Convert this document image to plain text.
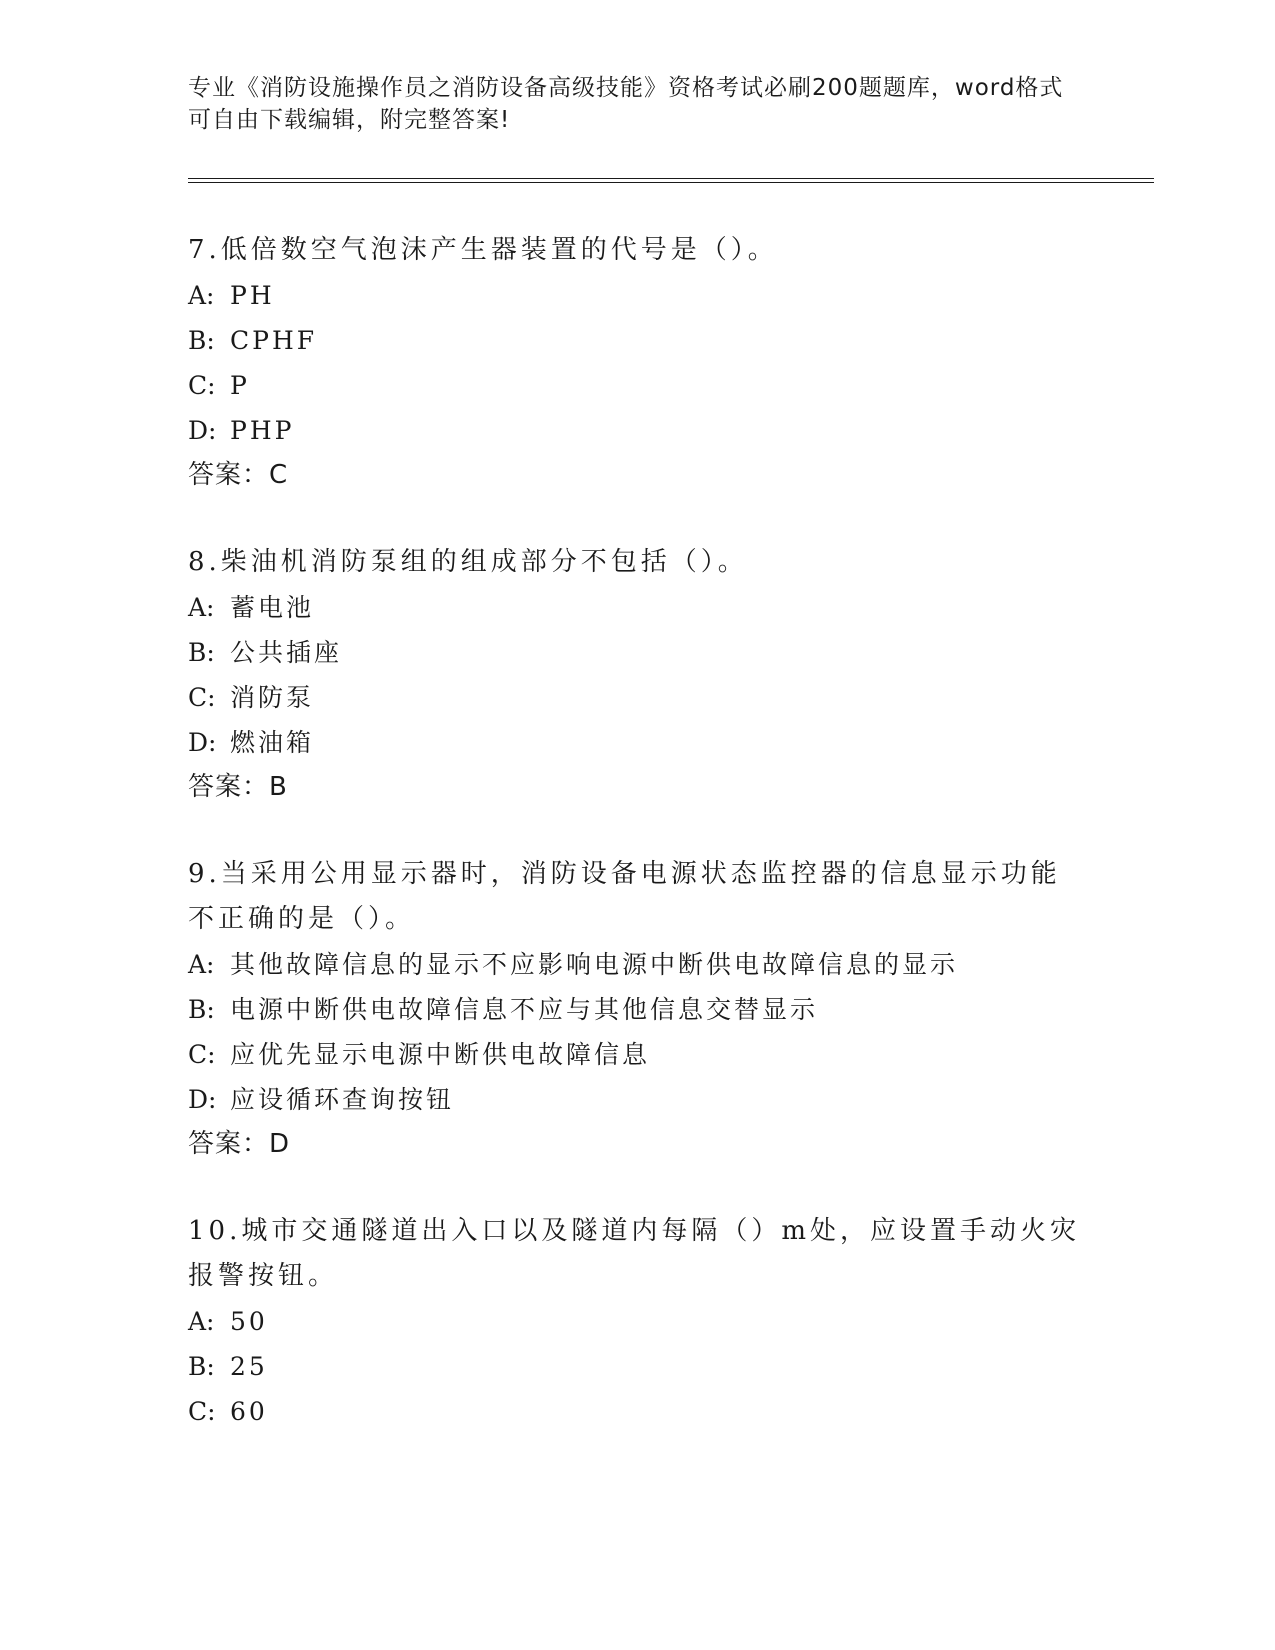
专业《消防设施操作员之消防设备高级技能》资格考试必刷200题题库，word格式可自由下载编辑，附完整答案!
7.低倍数空气泡沫产生器装置的代号是（）。
A: PH
B: CPHF
C: P
D: PHP
答案：C
8.柴油机消防泵组的组成部分不包括（）。
A: 蓄电池
B: 公共插座
C: 消防泵
D: 燃油箱
答案：B
9.当采用公用显示器时，消防设备电源状态监控器的信息显示功能不正确的是（）。
A: 其他故障信息的显示不应影响电源中断供电故障信息的显示
B: 电源中断供电故障信息不应与其他信息交替显示
C: 应优先显示电源中断供电故障信息
D: 应设循环查询按钮
答案：D
10.城市交通隧道出入口以及隧道内每隔（）m处，应设置手动火灾报警按钮。
A: 50
B: 25
C: 60
